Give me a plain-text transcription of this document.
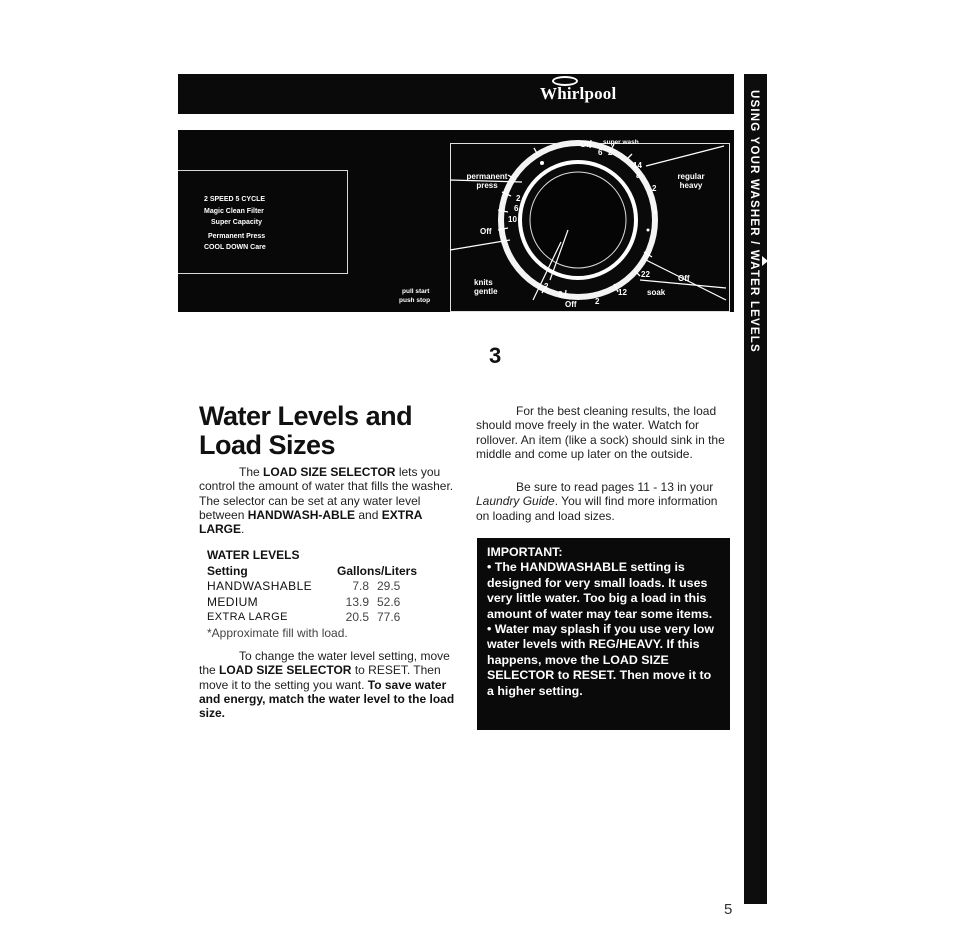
USING YOUR WASHER / WATER LEVELS
Whirlpool
2 SPEED 5 CYCLE
Magic Clean Filter
Super Capacity
Permanent Press
COOL DOWN Care
pull start
push stop
Off super wash
permanent press
regular heavy
Off
knits gentle	soak
Off
Off
6 2
14
8
2
2
6
10
22
12
2
8
2
3
Water Levels and
Load Sizes

The LOAD SIZE SELECTOR lets you control the amount of water that fills the washer. The selector can be set at any water level between HANDWASH-ABLE and EXTRA LARGE.

WATER LEVELS
Setting	Gallons/Liters
HANDWASHABLE	7.8 29.5
MEDIUM	13.9 52.6
EXTRA LARGE	20.5 77.6
*Approximate fill with load.

To change the water level setting, move the LOAD SIZE SELECTOR to RESET. Then move it to the setting you want. To save water and energy, match the water level to the load size.

For the best cleaning results, the load should move freely in the water. Watch for rollover. An item (like a sock) should sink in the middle and come up later on the outside.

Be sure to read pages 11 - 13 in your Laundry Guide. You will find more information on loading and load sizes.

IMPORTANT:
• The HANDWASHABLE setting is designed for very small loads. It uses very little water. Too big a load in this amount of water may tear some items.
• Water may splash if you use very low water levels with REG/HEAVY. If this happens, move the LOAD SIZE SELECTOR to RESET. Then move it to a higher setting.
5
